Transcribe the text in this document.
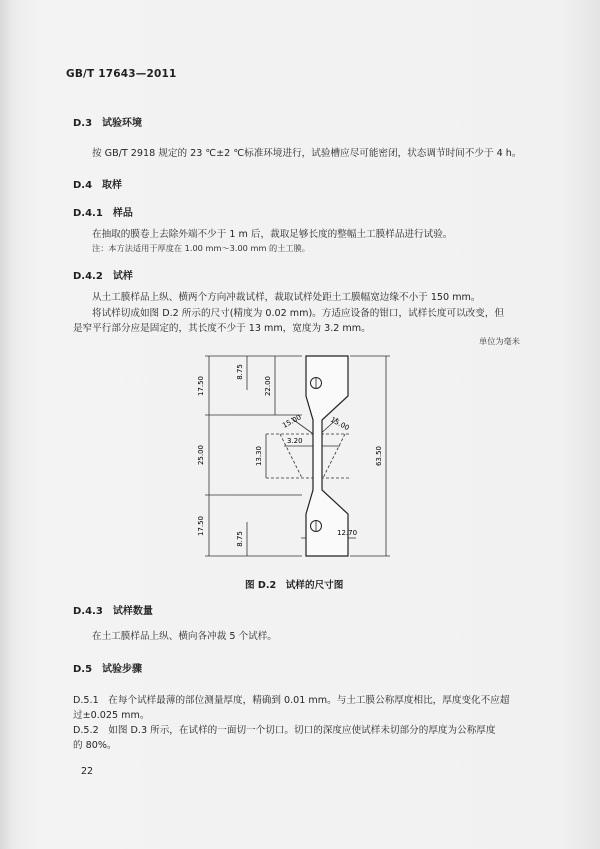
GB/T 17643—2011
D.3　试验环境
按 GB/T 2918 规定的 23 ℃±2 ℃标准环境进行，试验槽应尽可能密闭，状态调节时间不少于 4 h。
D.4　取样
D.4.1　样品
在抽取的膜卷上去除外端不少于 1 m 后，裁取足够长度的整幅土工膜样品进行试验。
注：本方法适用于厚度在 1.00 mm～3.00 mm 的土工膜。
D.4.2　试样
从土工膜样品上纵、横两个方向冲裁试样，裁取试样处距土工膜幅宽边缘不小于 150 mm。
将试样切成如图 D.2 所示的尺寸(精度为 0.02 mm)。方适应设备的钳口，试样长度可以改变，但
是窄平行部分应是固定的，其长度不少于 13 mm，宽度为 3.2 mm。
单位为毫米
17.50
25.00
17.50
8.75
8.75
22.00
13.30	63.50
3.20
15.00	15.00
12.70
图 D.2　试样的尺寸图
D.4.3　试样数量
在土工膜样品上纵、横向各冲裁 5 个试样。
D.5　试验步骤
D.5.1　在每个试样最薄的部位测量厚度，精确到 0.01 mm。与土工膜公称厚度相比，厚度变化不应超
过±0.025 mm。
D.5.2　如图 D.3 所示，在试样的一面切一个切口。切口的深度应使试样未切部分的厚度为公称厚度
的 80%。
22
